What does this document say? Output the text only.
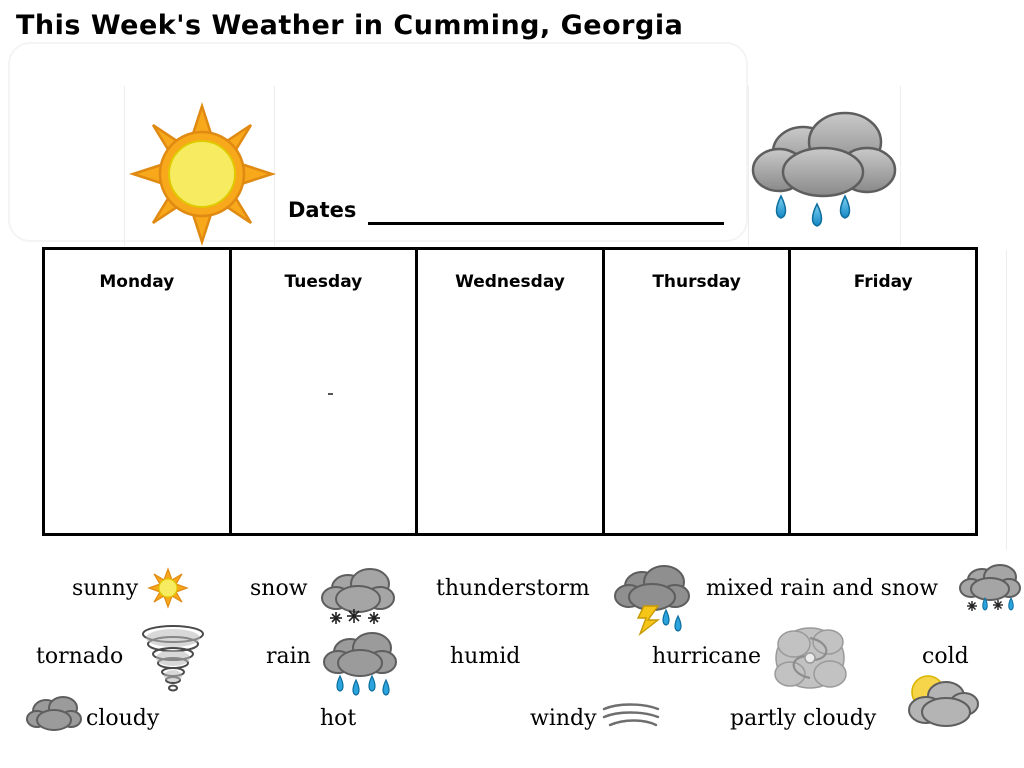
This Week's Weather in Cumming, Georgia
Dates
Monday	Tuesday	Wednesday	Thursday	Friday
sunny	snow	thunderstorm	mixed rain and snow
tornado	rain	humid	hurricane	cold
cloudy	hot	windy	partly cloudy
